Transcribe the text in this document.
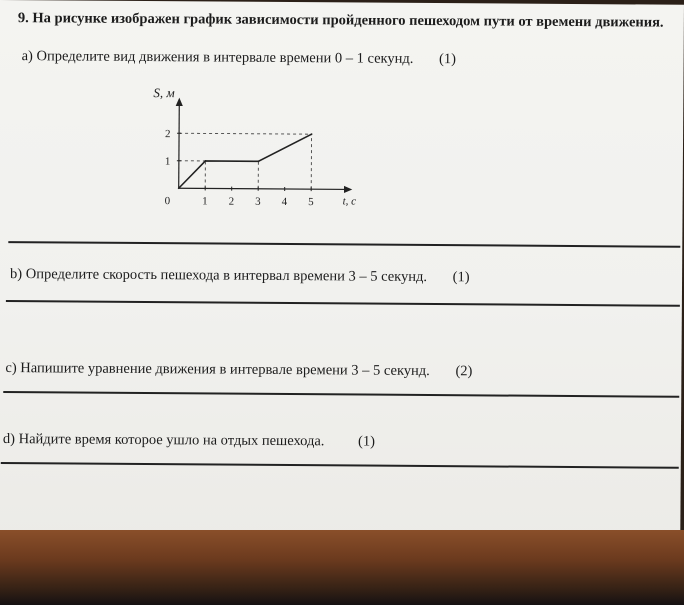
9. На рисунке изображен график зависимости пройденного пешеходом пути от времени движения.
a) Определите вид движения в интервале времени 0 – 1 секунд. (1)
S, м
t, c
0	1 2 3 4 5
1
2
b) Определите скорость пешехода в интервал времени 3 – 5 секунд. (1)
c) Напишите уравнение движения в интервале времени 3 – 5 секунд. (2)
d) Найдите время которое ушло на отдых пешехода. (1)
